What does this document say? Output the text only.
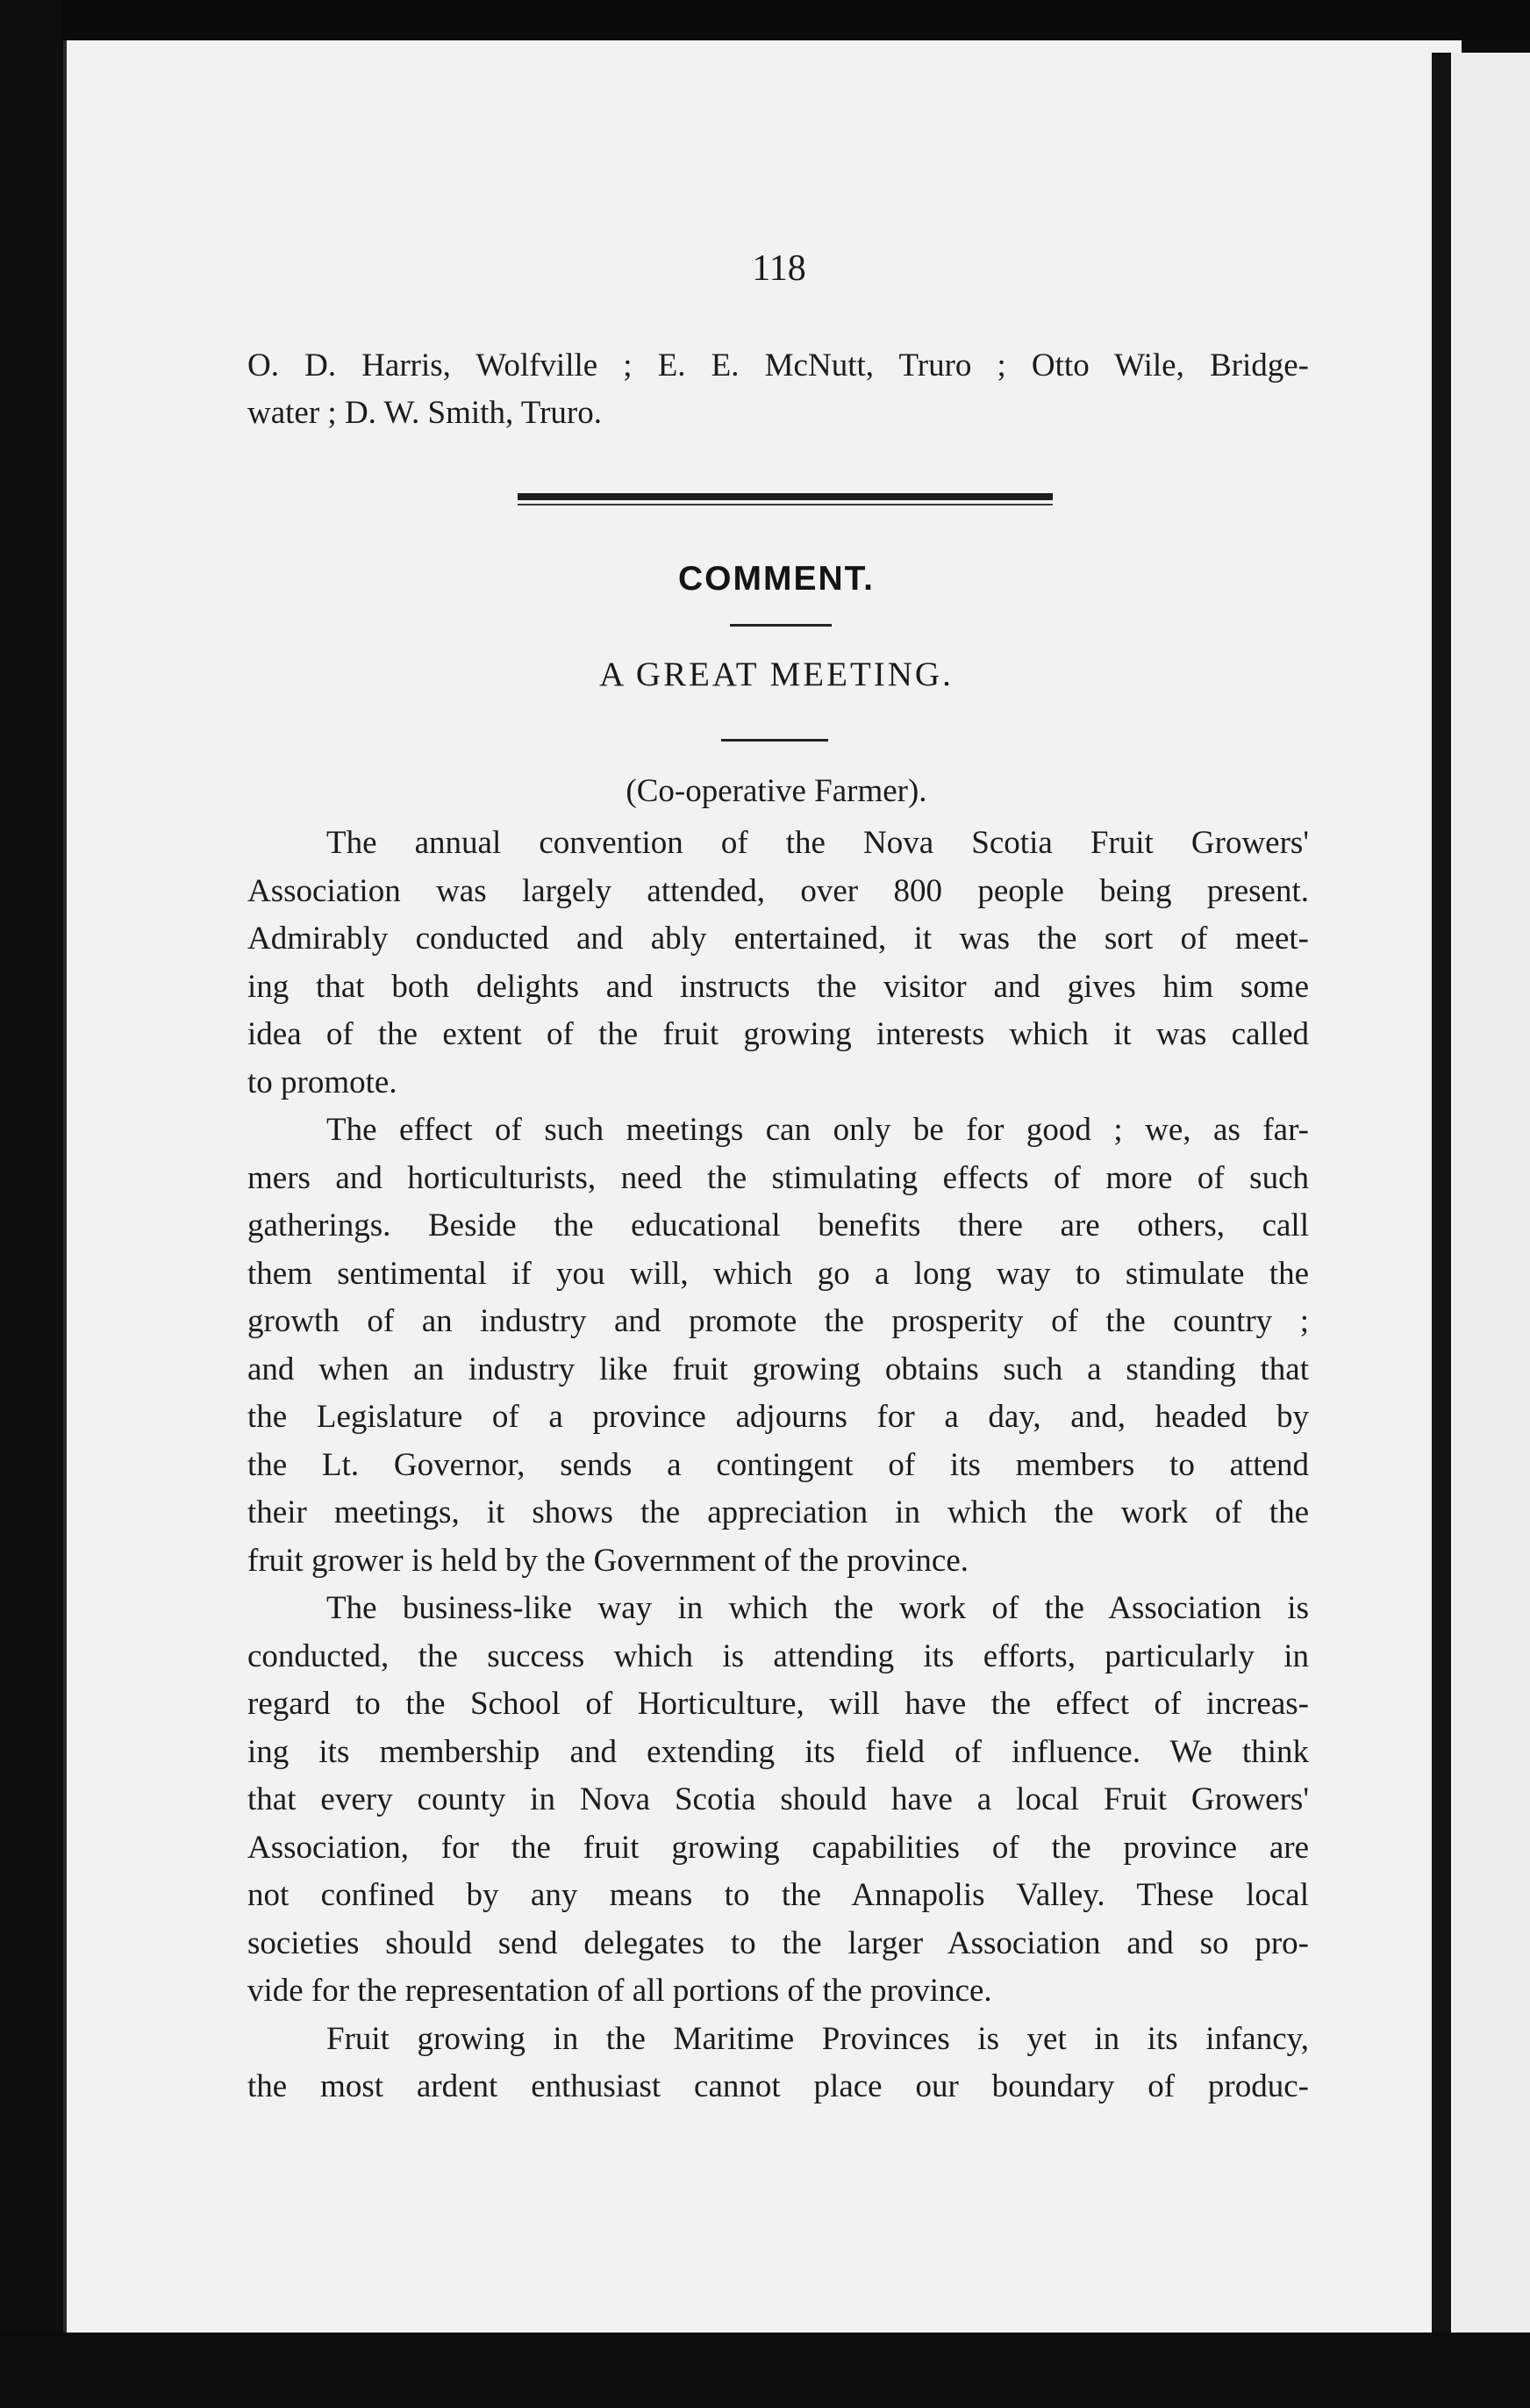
118
O. D. Harris, Wolfville ; E. E. McNutt, Truro ; Otto Wile, Bridge-
water ; D. W. Smith, Truro.
COMMENT.
A GREAT MEETING.
(Co-operative Farmer).
The annual convention of the Nova Scotia Fruit Growers'
Association was largely attended, over 800 people being present.
Admirably conducted and ably entertained, it was the sort of meet-
ing that both delights and instructs the visitor and gives him some
idea of the extent of the fruit growing interests which it was called
to promote.
The effect of such meetings can only be for good ; we, as far-
mers and horticulturists, need the stimulating effects of more of such
gatherings. Beside the educational benefits there are others, call
them sentimental if you will, which go a long way to stimulate the
growth of an industry and promote the prosperity of the country ;
and when an industry like fruit growing obtains such a standing that
the Legislature of a province adjourns for a day, and, headed by
the Lt. Governor, sends a contingent of its members to attend
their meetings, it shows the appreciation in which the work of the
fruit grower is held by the Government of the province.
The business-like way in which the work of the Association is
conducted, the success which is attending its efforts, particularly in
regard to the School of Horticulture, will have the effect of increas-
ing its membership and extending its field of influence. We think
that every county in Nova Scotia should have a local Fruit Growers'
Association, for the fruit growing capabilities of the province are
not confined by any means to the Annapolis Valley. These local
societies should send delegates to the larger Association and so pro-
vide for the representation of all portions of the province.
Fruit growing in the Maritime Provinces is yet in its infancy,
the most ardent enthusiast cannot place our boundary of produc-
